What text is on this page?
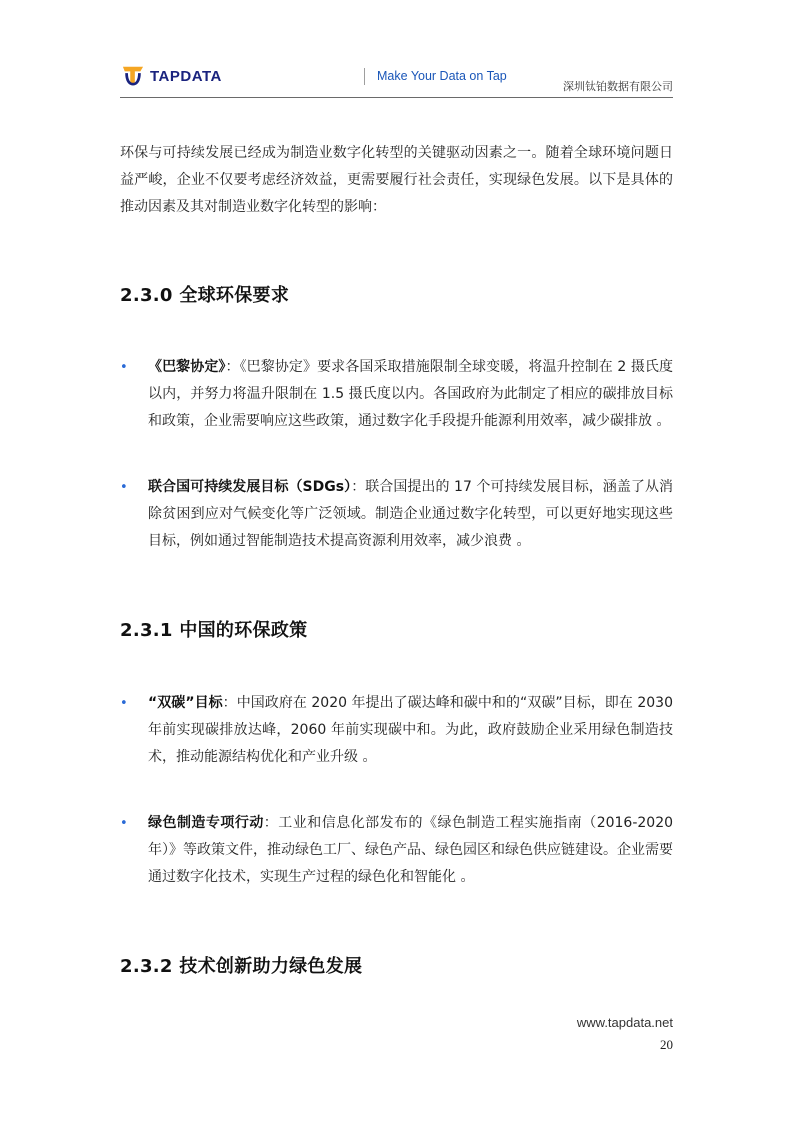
TAPDATA	Make Your Data on Tap
深圳钛铂数据有限公司

环保与可持续发展已经成为制造业数字化转型的关键驱动因素之一。随着全球环境问题日益严峻，企业不仅要考虑经济效益，更需要履行社会责任，实现绿色发展。以下是具体的推动因素及其对制造业数字化转型的影响：

2.3.0 全球环保要求
• 《巴黎协定》：《巴黎协定》要求各国采取措施限制全球变暖，将温升控制在 2 摄氏度以内，并努力将温升限制在 1.5 摄氏度以内。各国政府为此制定了相应的碳排放目标和政策，企业需要响应这些政策，通过数字化手段提升能源利用效率，减少碳排放 。

• 联合国可持续发展目标（SDGs）：联合国提出的 17 个可持续发展目标，涵盖了从消除贫困到应对气候变化等广泛领域。制造企业通过数字化转型，可以更好地实现这些目标，例如通过智能制造技术提高资源利用效率，减少浪费 。

2.3.1 中国的环保政策
• “双碳”目标：中国政府在 2020 年提出了碳达峰和碳中和的“双碳”目标，即在 2030 年前实现碳排放达峰，2060 年前实现碳中和。为此，政府鼓励企业采用绿色制造技术，推动能源结构优化和产业升级 。

• 绿色制造专项行动：工业和信息化部发布的《绿色制造工程实施指南（2016-2020 年）》等政策文件，推动绿色工厂、绿色产品、绿色园区和绿色供应链建设。企业需要通过数字化技术，实现生产过程的绿色化和智能化 。

2.3.2 技术创新助力绿色发展
www.tapdata.net
20
